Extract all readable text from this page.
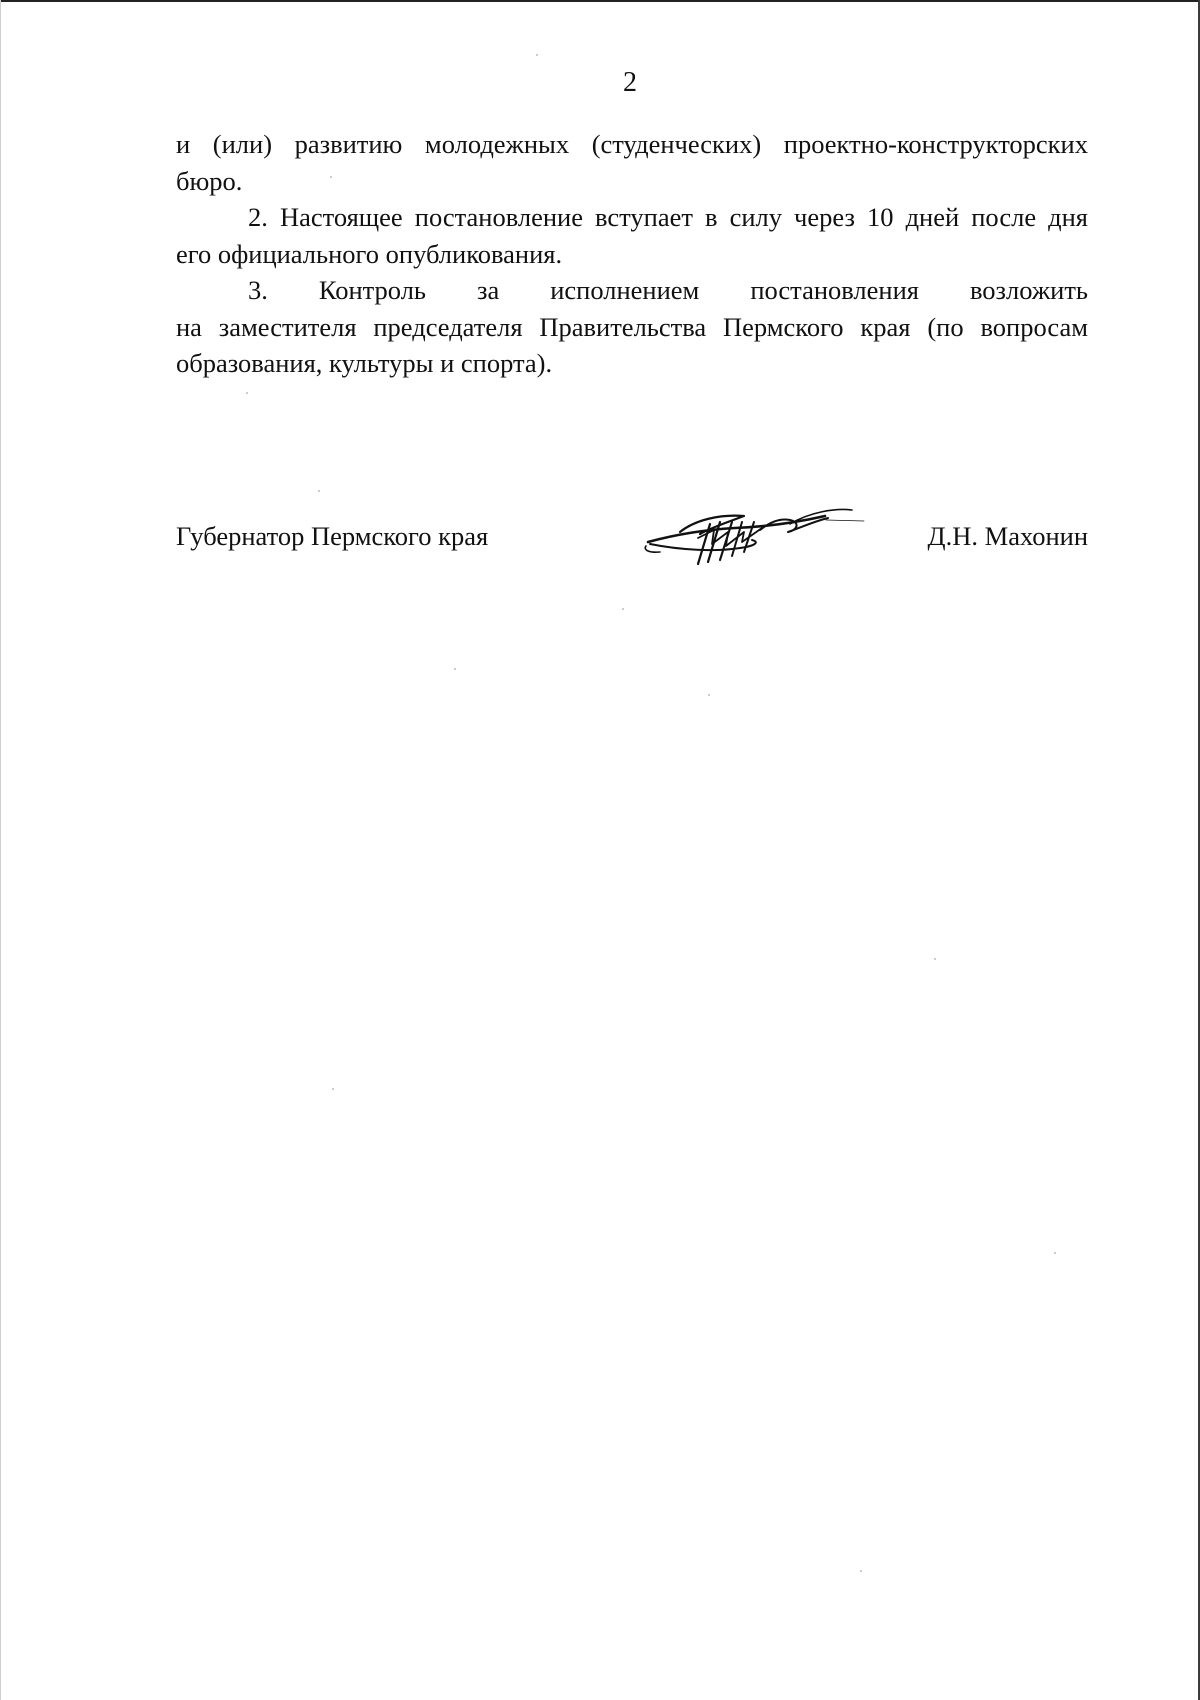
2
и (или) развитию молодежных (студенческих) проектно-конструкторских
бюро.
2. Настоящее постановление вступает в силу через 10 дней после дня
его официального опубликования.
3. Контроль за исполнением постановления возложить
на заместителя председателя Правительства Пермского края (по вопросам
образования, культуры и спорта).
Губернатор Пермского края	Д.Н. Махонин
